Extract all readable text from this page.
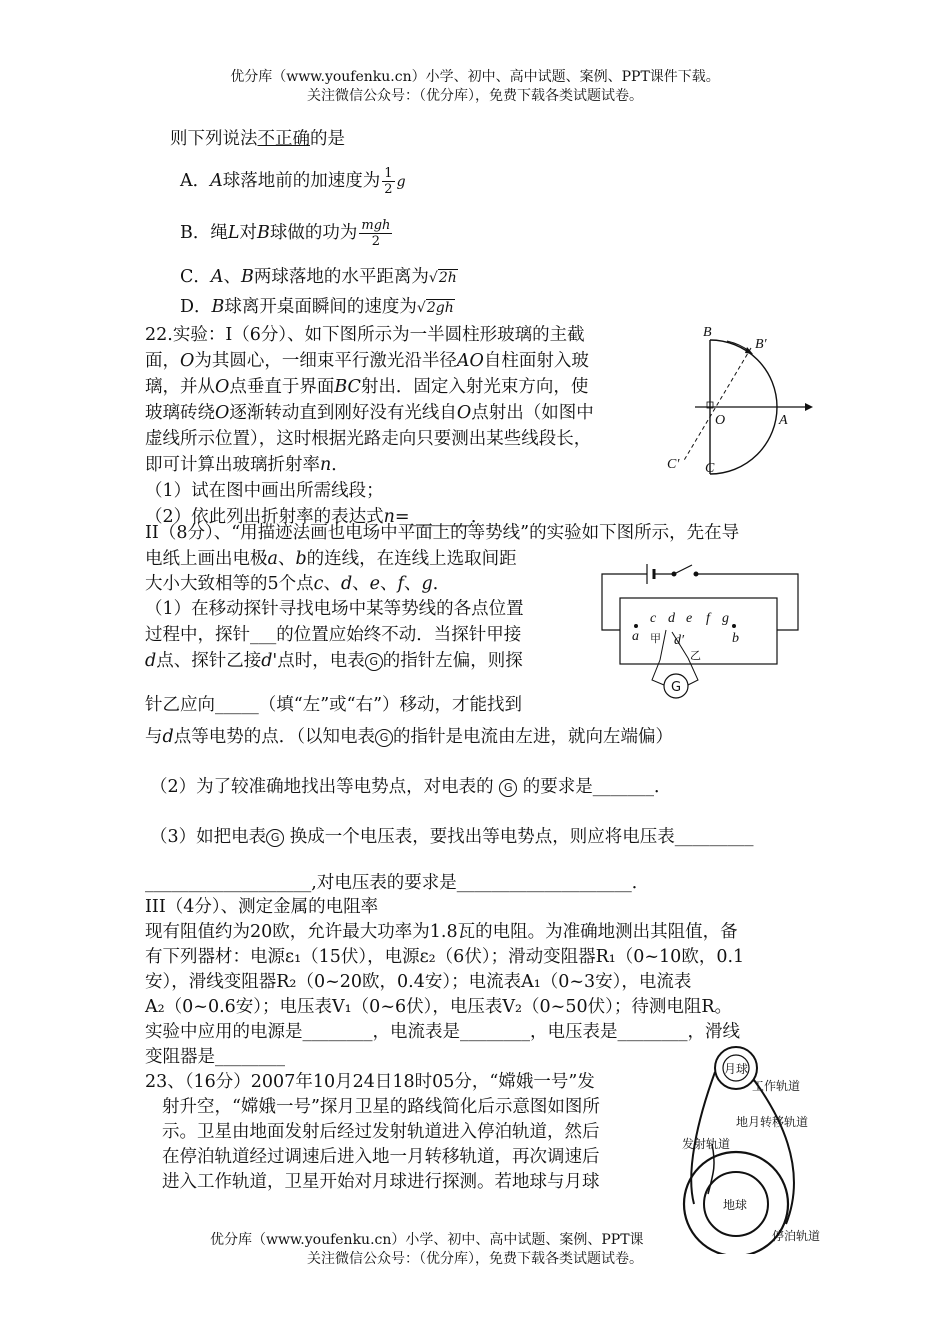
优分库（www.youfenku.cn）小学、初中、高中试题、案例、PPT课件下载。
关注微信公众号：（优分库），免费下载各类试题试卷。
则下列说法不正确的是
A．A球落地前的加速度为 $\frac{1}{2}$ g
B．绳L对B球做的功为 $\frac{\text{mgh}}{2}$
C．A、B两球落地的水平距离为√2h
D．B球离开桌面瞬间的速度为√2gh
22.实验：I（6分）、如下图所示为一半圆柱形玻璃的主截
面，O为其圆心，一细束平行激光沿半径AO自柱面射入玻
璃，并从O点垂直于界面BC射出．固定入射光束方向，使
玻璃砖绕O逐渐转动直到刚好没有光线自O点射出（如图中
虚线所示位置），这时根据光路走向只要测出某些线段长，
即可计算出玻璃折射率n．
（1）试在图中画出所需线段；
（2）依此列出折射率的表达式n=_______．
B
B′
O	A
C
C′
II（8分）、“用描迹法画也电场中平面上的等势线”的实验如下图所示，先在导
电纸上画出电极a、b的连线，在连线上选取间距
大小大致相等的5个点c、d、e、f、g．
（1）在移动探针寻找电场中某等势线的各点位置
过程中，探针___的位置应始终不动．当探针甲接
d点、探针乙接d'点时，电表 G 的指针左偏，则探
针乙应向_____（填“左”或“右”）移动，才能找到
与d点等电势的点．（以知电表 G 的指针是电流由左进，就向左端偏）
（2）为了较准确地找出等电势点，对电表的 G 的要求是_______．
（3）如把电表 G 换成一个电压表，要找出等电势点，则应将电压表_________
___________________,对电压表的要求是____________________．
a	b
c d e f g
d′
甲
乙
G
III（4分）、测定金属的电阻率
现有阻值约为20欧，允许最大功率为1.8瓦的电阻。为准确地测出其阻值，备
有下列器材：电源ε₁（15伏），电源ε₂（6伏）；滑动变阻器R₁（0~10欧，0.1
安），滑线变阻器R₂（0~20欧，0.4安）；电流表A₁（0~3安），电流表
A₂（0~0.6安）；电压表V₁（0~6伏），电压表V₂（0~50伏）；待测电阻R。
实验中应用的电源是________，电流表是________，电压表是________，滑线
变阻器是________
23、（16分）2007年10月24日18时05分，“嫦娥一号”发
射升空，“嫦娥一号”探月卫星的路线简化后示意图如图所
示。卫星由地面发射后经过发射轨道进入停泊轨道，然后
在停泊轨道经过调速后进入地一月转移轨道，再次调速后
进入工作轨道，卫星开始对月球进行探测。若地球与月球
月球
工作轨道
地月转移轨道
发射轨道
地球
停泊轨道
优分库（www.youfenku.cn）小学、初中、高中试题、案例、PPT课
关注微信公众号：（优分库），免费下载各类试题试卷。
